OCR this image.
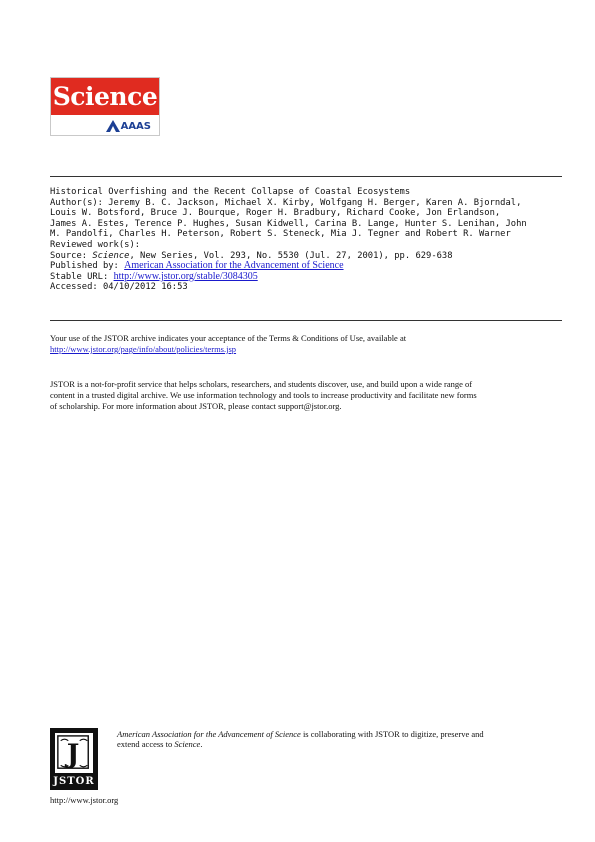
Science
AAAS
Historical Overfishing and the Recent Collapse of Coastal Ecosystems
Author(s): Jeremy B. C. Jackson, Michael X. Kirby, Wolfgang H. Berger, Karen A. Bjorndal,
Louis W. Botsford, Bruce J. Bourque, Roger H. Bradbury, Richard Cooke, Jon Erlandson,
James A. Estes, Terence P. Hughes, Susan Kidwell, Carina B. Lange, Hunter S. Lenihan, John
M. Pandolfi, Charles H. Peterson, Robert S. Steneck, Mia J. Tegner and Robert R. Warner
Reviewed work(s):
Source: Science, New Series, Vol. 293, No. 5530 (Jul. 27, 2001), pp. 629-638
Published by: American Association for the Advancement of Science
Stable URL: http://www.jstor.org/stable/3084305
Accessed: 04/10/2012 16:53
Your use of the JSTOR archive indicates your acceptance of the Terms & Conditions of Use, available at
http://www.jstor.org/page/info/about/policies/terms.jsp
JSTOR is a not-for-profit service that helps scholars, researchers, and students discover, use, and build upon a wide range of
content in a trusted digital archive. We use information technology and tools to increase productivity and facilitate new forms
of scholarship. For more information about JSTOR, please contact support@jstor.org.
J
JSTOR
American Association for the Advancement of Science is collaborating with JSTOR to digitize, preserve and
extend access to Science.
http://www.jstor.org
